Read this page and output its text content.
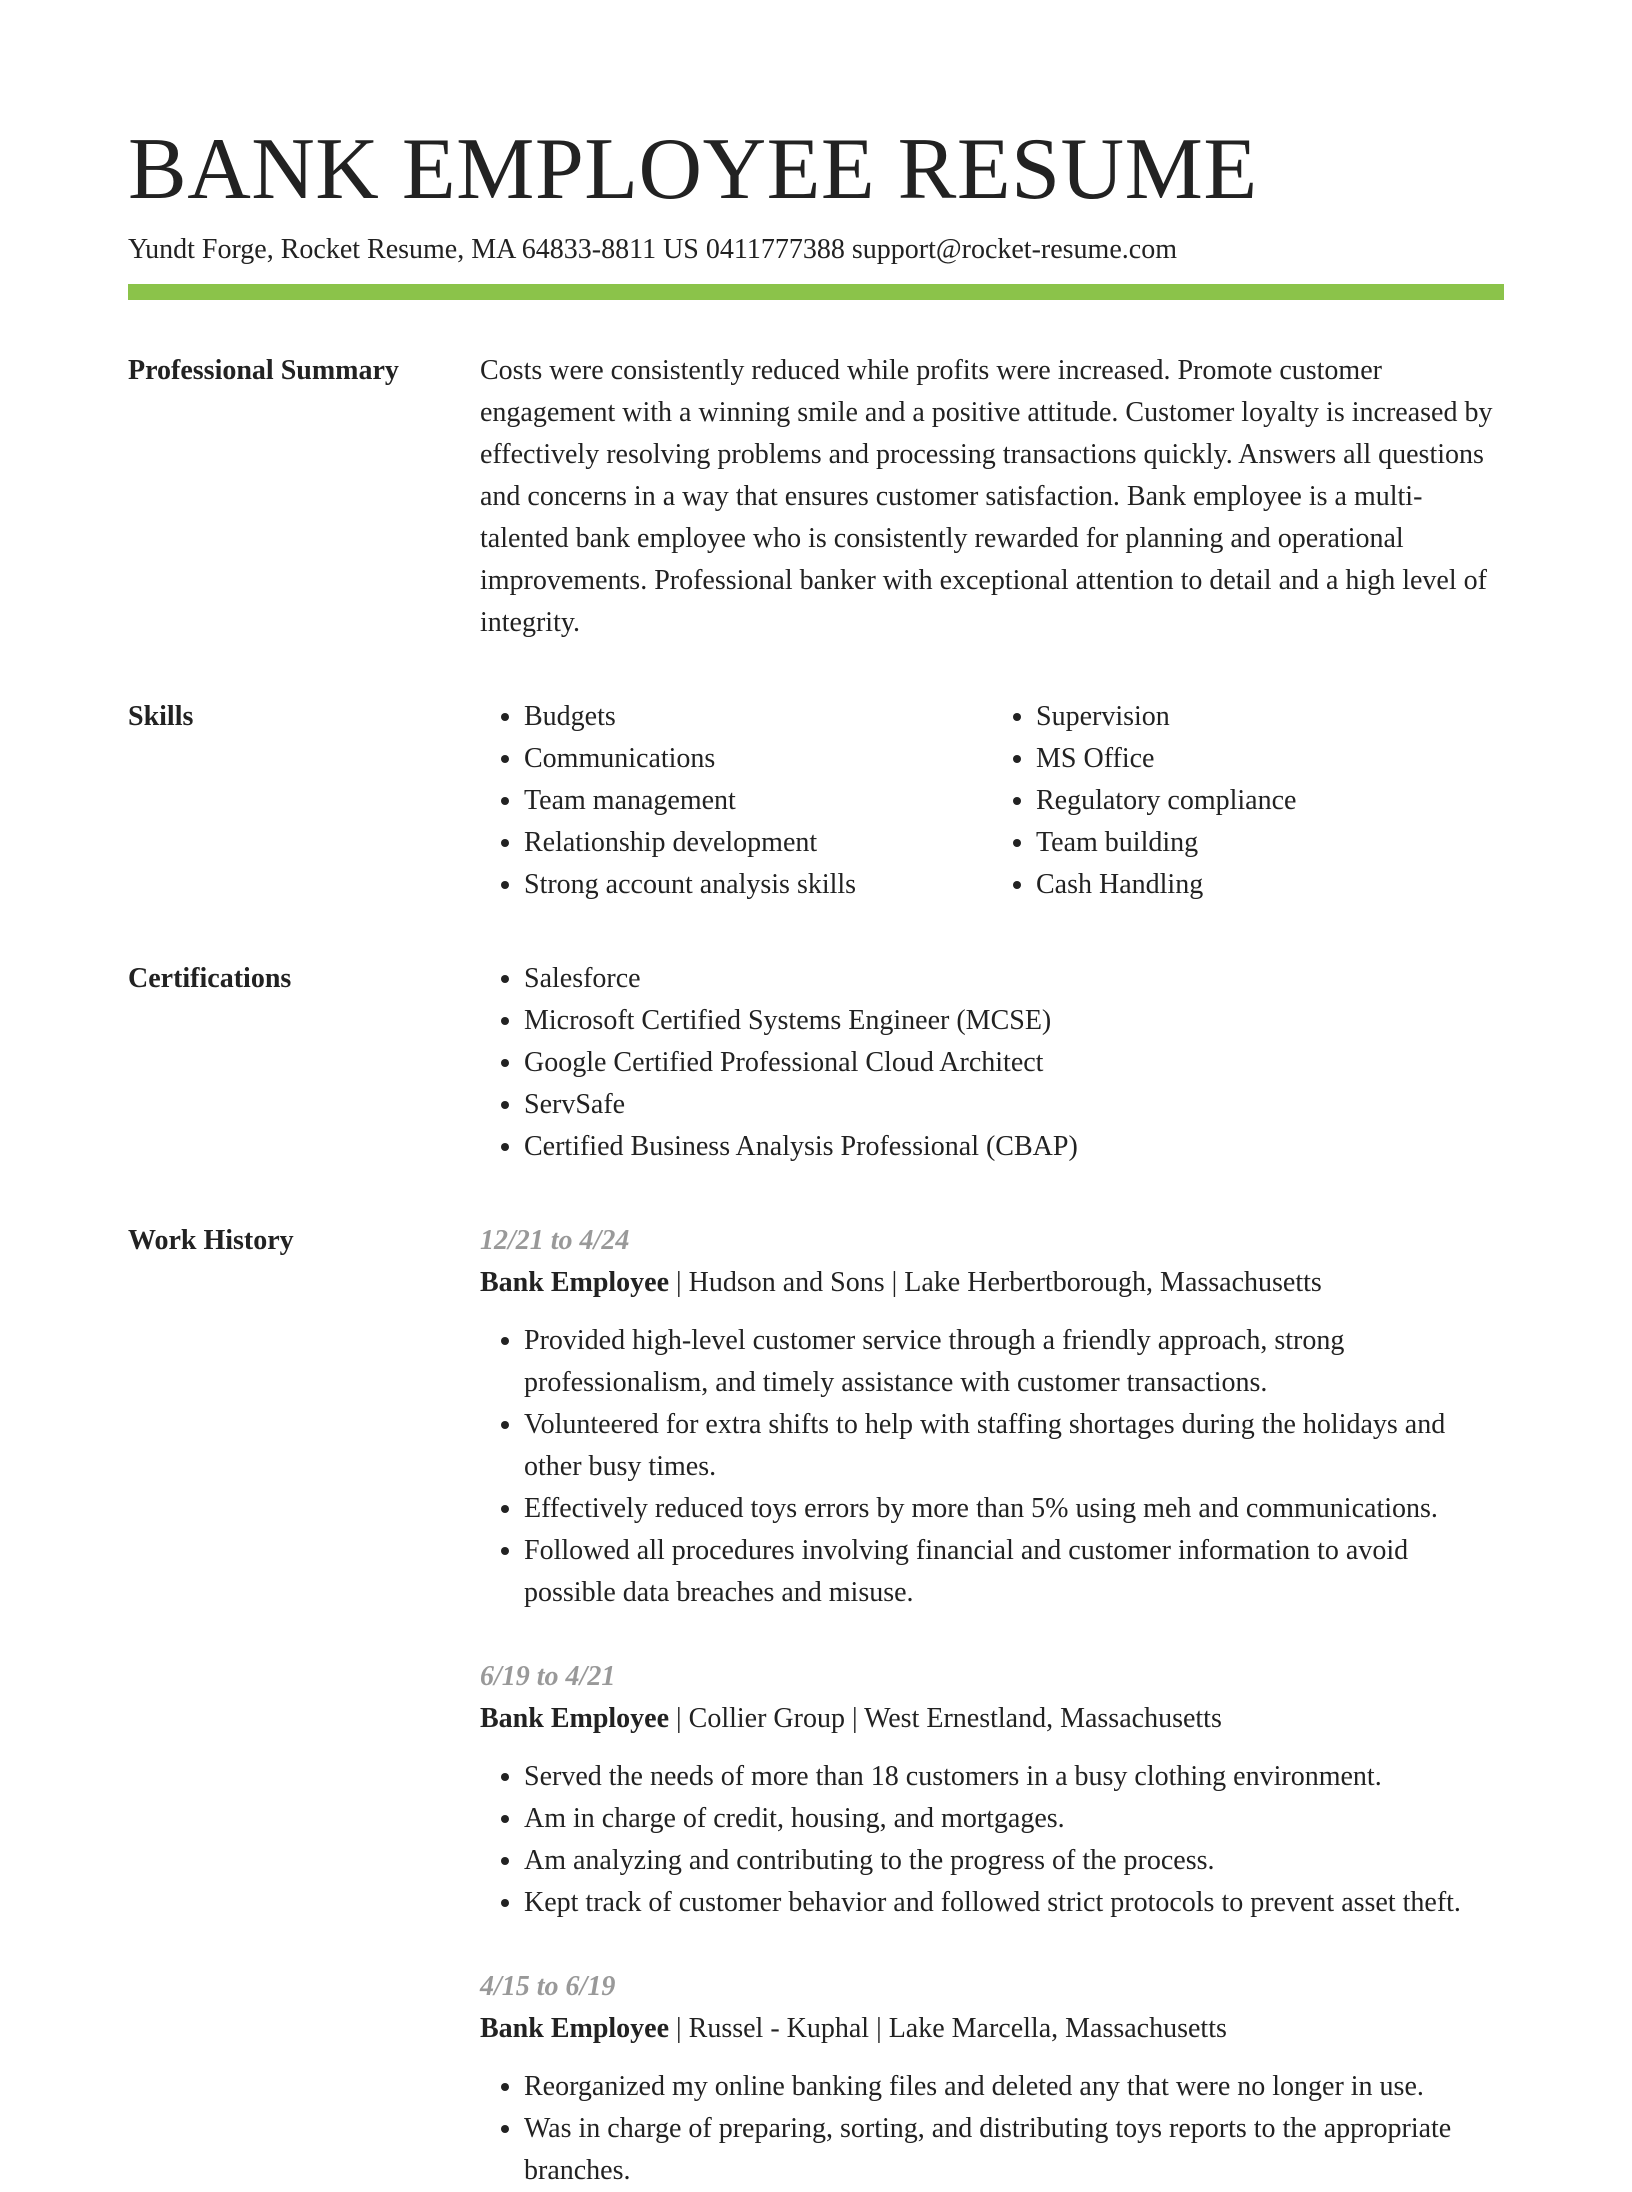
BANK EMPLOYEE RESUME
Yundt Forge, Rocket Resume, MA 64833-8811 US 0411777388 support@rocket-resume.com
Professional Summary	Costs were consistently reduced while profits were increased. Promote customer engagement with a winning smile and a positive attitude. Customer loyalty is increased by effectively resolving problems and processing transactions quickly. Answers all questions and concerns in a way that ensures customer satisfaction. Bank employee is a multi-talented bank employee who is consistently rewarded for planning and operational improvements. Professional banker with exceptional attention to detail and a high level of integrity.

Skills	• Budgets
• Communications
• Team management
• Relationship development
• Strong account analysis skills
• Supervision
• MS Office
• Regulatory compliance
• Team building
• Cash Handling
Certifications	• Salesforce
• Microsoft Certified Systems Engineer (MCSE)
• Google Certified Professional Cloud Architect
• ServSafe
• Certified Business Analysis Professional (CBAP)
Work History	12/21 to 4/24
Bank Employee | Hudson and Sons | Lake Herbertborough, Massachusetts
• Provided high-level customer service through a friendly approach, strong professionalism, and timely assistance with customer transactions.
• Volunteered for extra shifts to help with staffing shortages during the holidays and other busy times.
• Effectively reduced toys errors by more than 5% using meh and communications.
• Followed all procedures involving financial and customer information to avoid possible data breaches and misuse.
6/19 to 4/21
Bank Employee | Collier Group | West Ernestland, Massachusetts
• Served the needs of more than 18 customers in a busy clothing environment.
• Am in charge of credit, housing, and mortgages.
• Am analyzing and contributing to the progress of the process.
• Kept track of customer behavior and followed strict protocols to prevent asset theft.
4/15 to 6/19
Bank Employee | Russel - Kuphal | Lake Marcella, Massachusetts
• Reorganized my online banking files and deleted any that were no longer in use.
• Was in charge of preparing, sorting, and distributing toys reports to the appropriate branches.
